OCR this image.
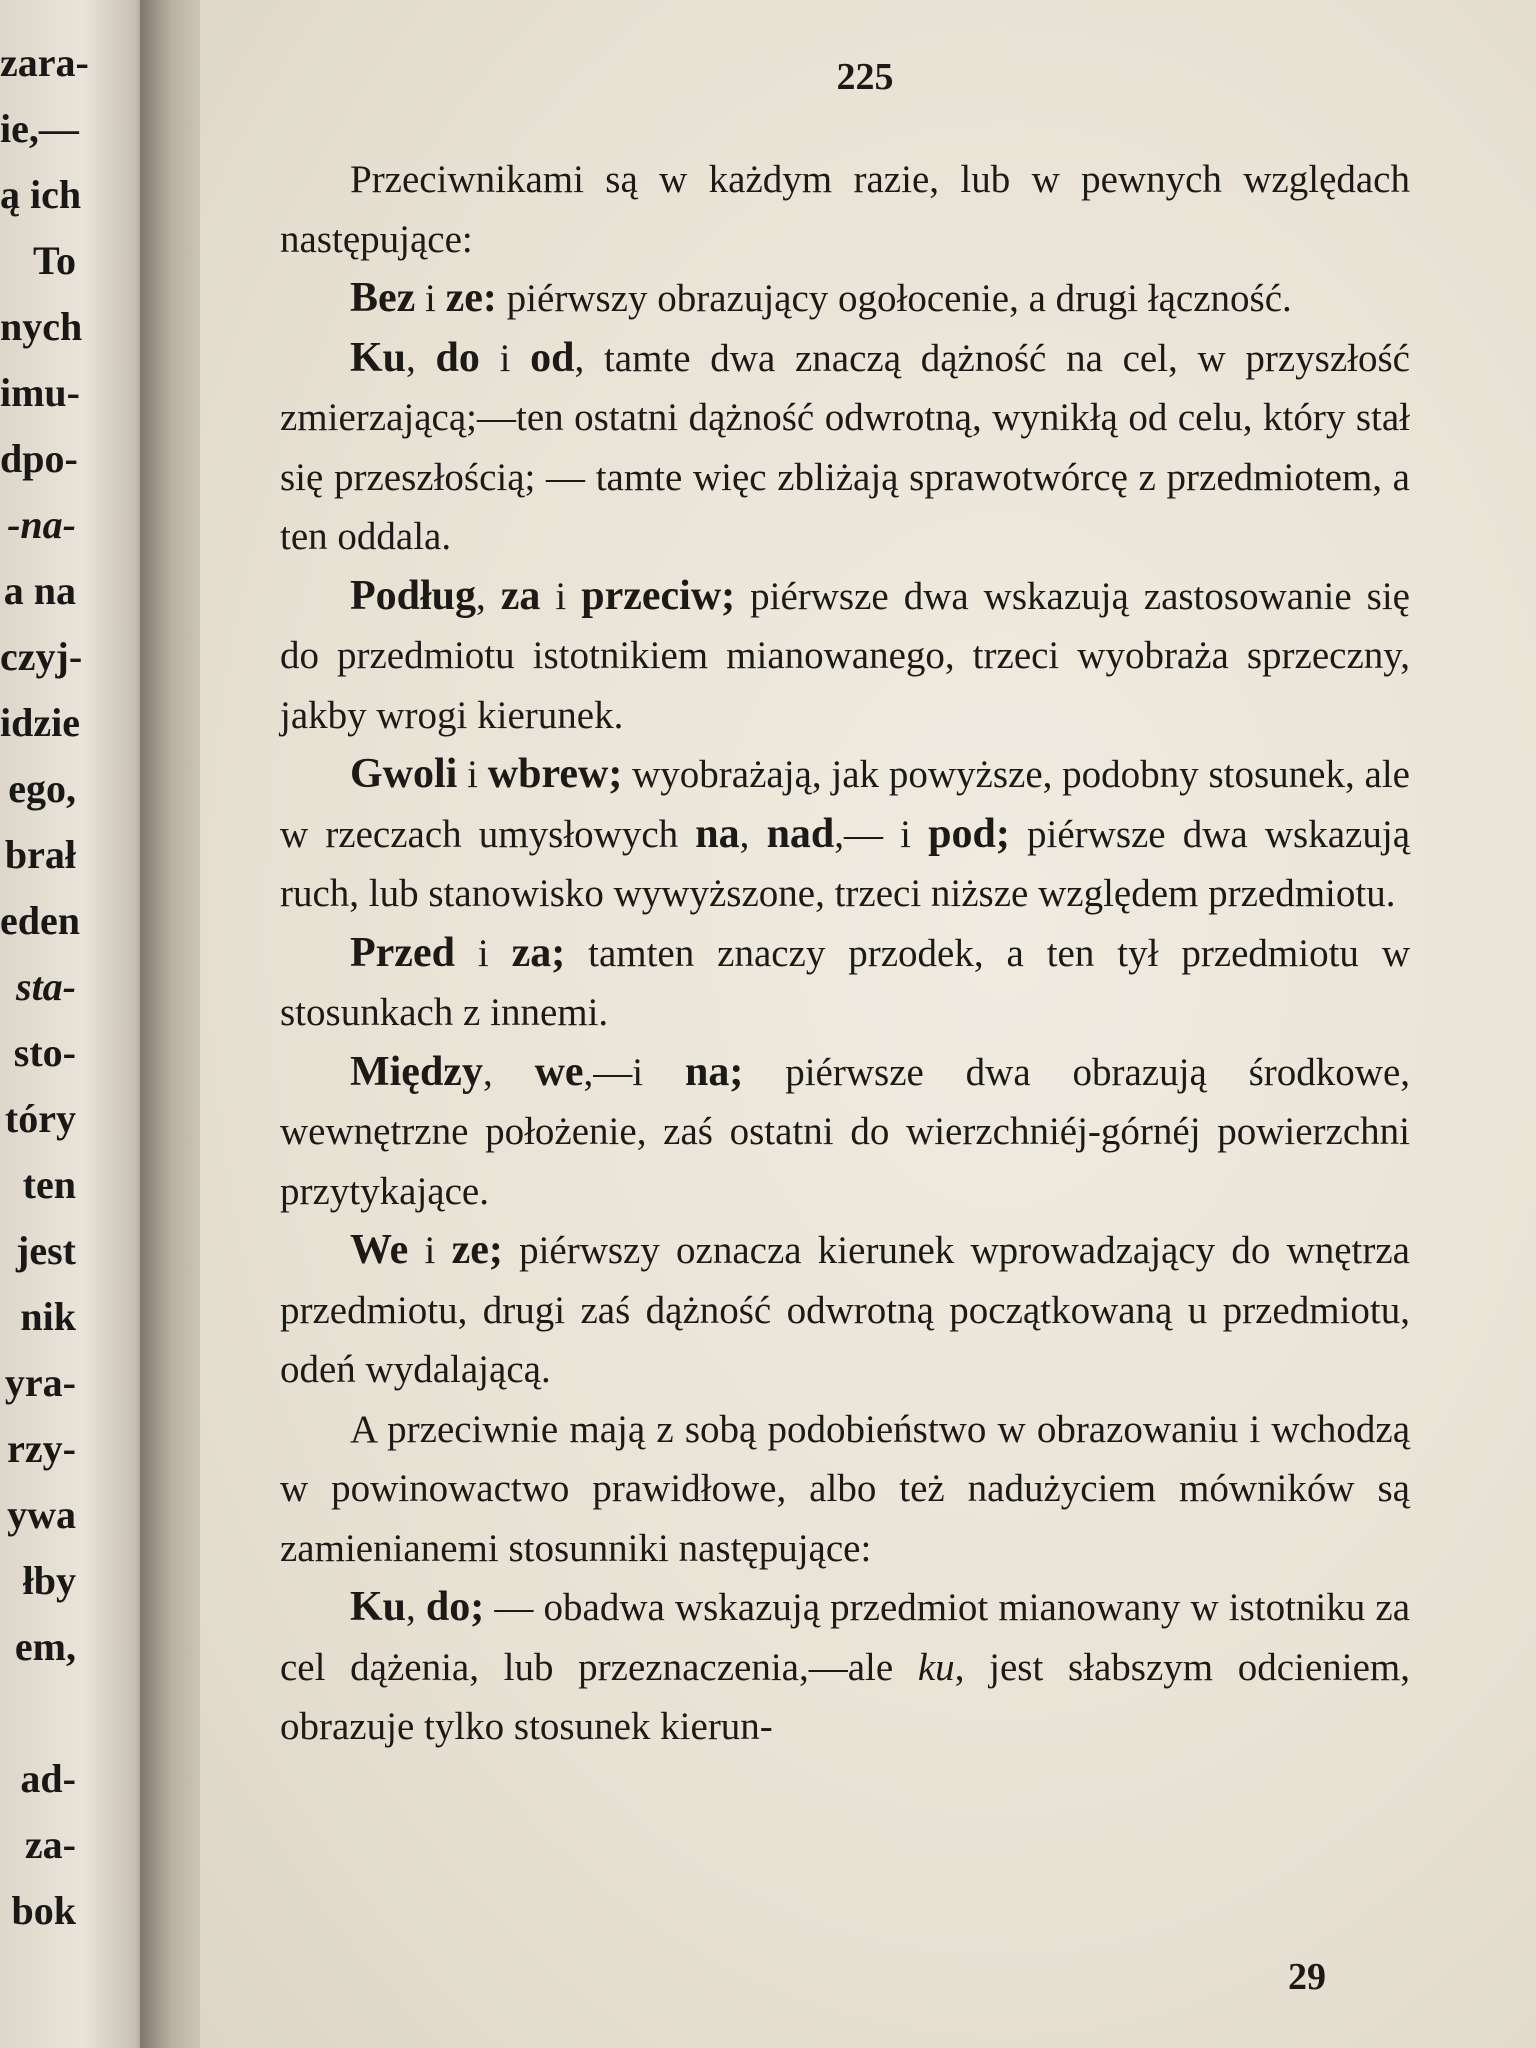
zara-
ie,—
ą ich
To
nych
imu-
dpo-
-na-
a na
czyj-
idzie
ego,
brał
eden
sta-
sto-
tóry
ten
jest
nik
yra-
rzy-
ywa
łby
em,
ad-
za-
bok
225

Przeciwnikami są w każdym razie, lub w pewnych względach następujące:

Bez i ze: piérwszy obrazujący ogołocenie, a drugi łączność.

Ku, do i od, tamte dwa znaczą dążność na cel, w przyszłość zmierzającą;—ten ostatni dążność odwrotną, wynikłą od celu, który stał się przeszłością; — tamte więc zbliżają sprawotwórcę z przedmiotem, a ten oddala.

Podług, za i przeciw; piérwsze dwa wskazują zastosowanie się do przedmiotu istotnikiem mianowanego, trzeci wyobraża sprzeczny, jakby wrogi kierunek.

Gwoli i wbrew; wyobrażają, jak powyższe, podobny stosunek, ale w rzeczach umysłowych na, nad,— i pod; piérwsze dwa wskazują ruch, lub stanowisko wywyższone, trzeci niższe względem przedmiotu.

Przed i za; tamten znaczy przodek, a ten tył przedmiotu w stosunkach z innemi.

Między, we,—i na; piérwsze dwa obrazują środkowe, wewnętrzne położenie, zaś ostatni do wierzchniéj-górnéj powierzchni przytykające.

We i ze; piérwszy oznacza kierunek wprowadzający do wnętrza przedmiotu, drugi zaś dążność odwrotną początkowaną u przedmiotu, odeń wydalającą.

A przeciwnie mają z sobą podobieństwo w obrazowaniu i wchodzą w powinowactwo prawidłowe, albo też nadużyciem mówników są zamienianemi stosunniki następujące:

Ku, do; — obadwa wskazują przedmiot mianowany w istotniku za cel dążenia, lub przeznaczenia,—ale ku, jest słabszym odcieniem, obrazuje tylko stosunek kierun-

29
